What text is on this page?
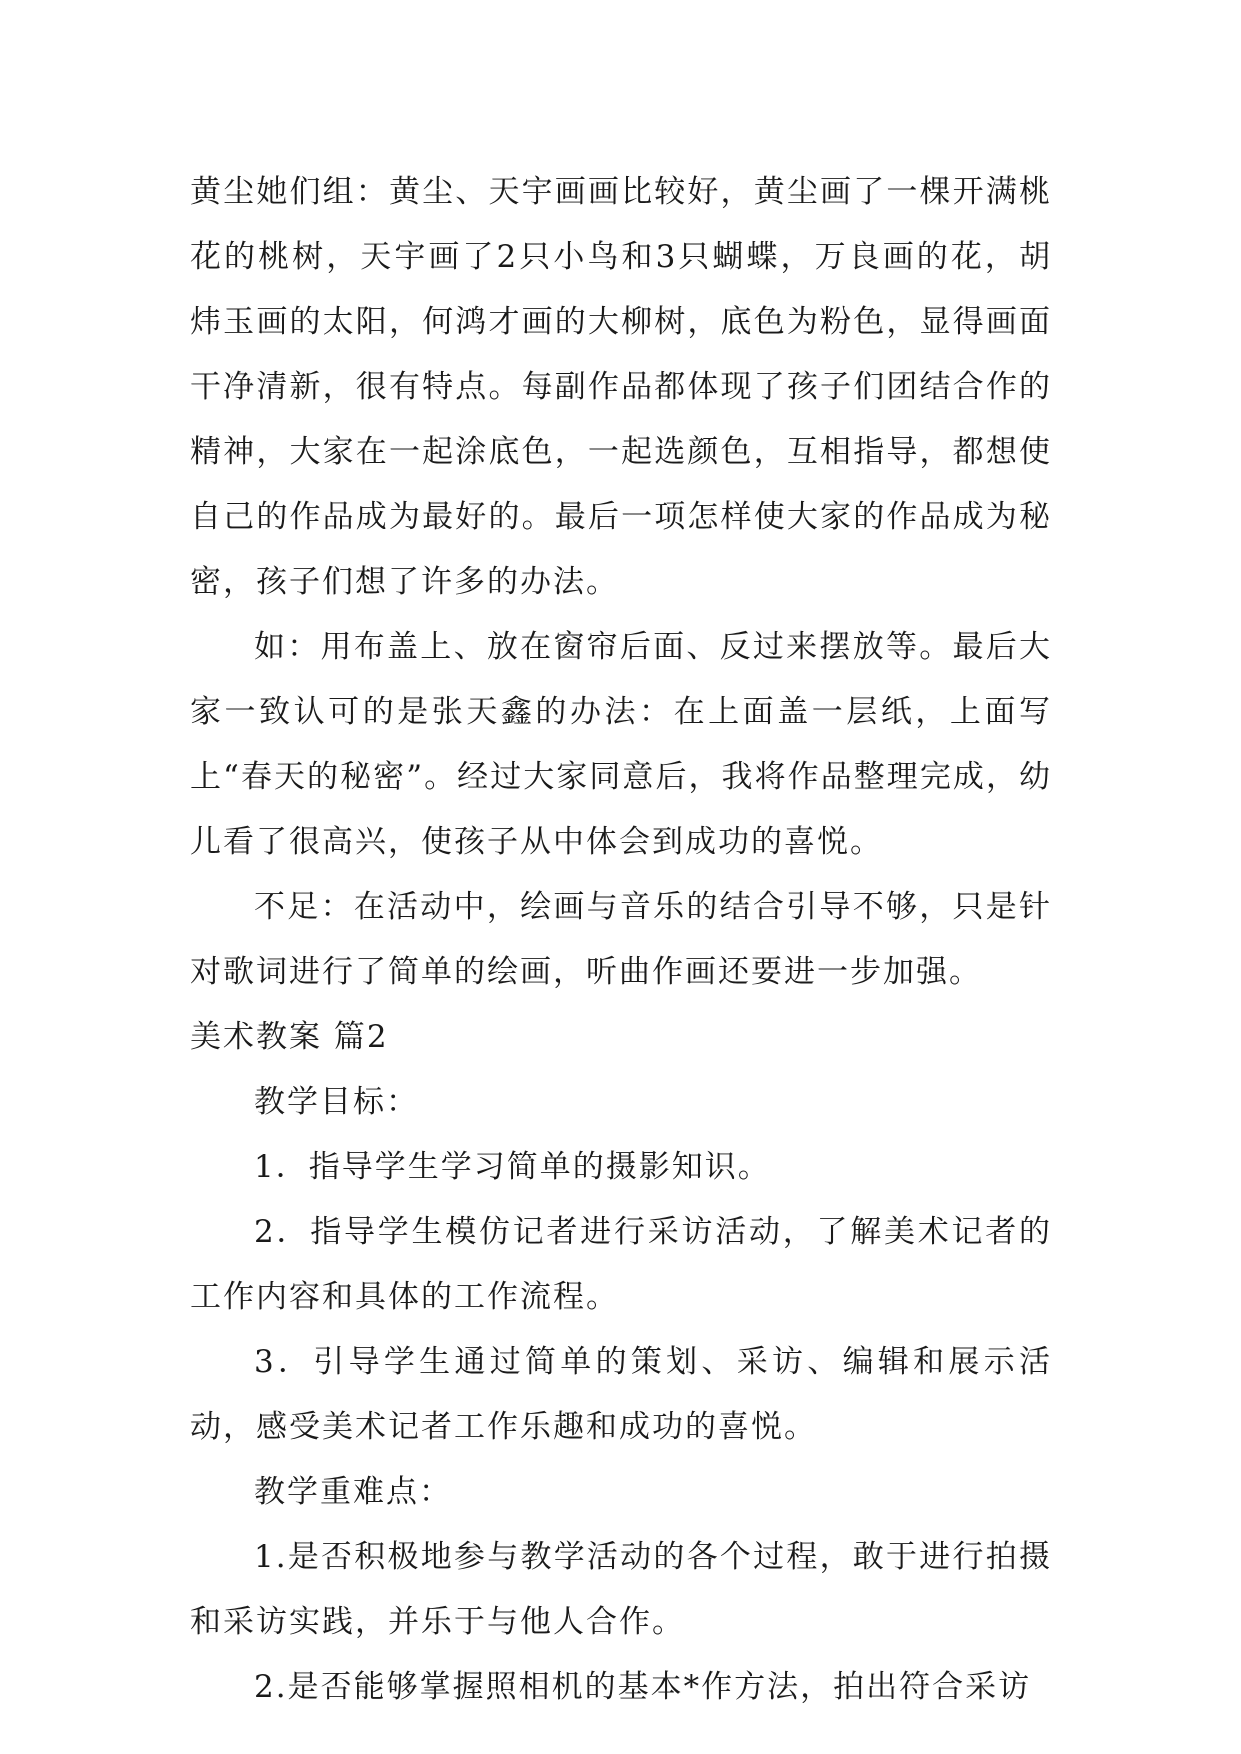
黄尘她们组：黄尘、天宇画画比较好，黄尘画了一棵开满桃花的桃树，天宇画了2只小鸟和3只蝴蝶，万良画的花，胡炜玉画的太阳，何鸿才画的大柳树，底色为粉色，显得画面干净清新，很有特点。每副作品都体现了孩子们团结合作的精神，大家在一起涂底色，一起选颜色，互相指导，都想使自己的作品成为最好的。最后一项怎样使大家的作品成为秘密，孩子们想了许多的办法。

如：用布盖上、放在窗帘后面、反过来摆放等。最后大家一致认可的是张天鑫的办法：在上面盖一层纸，上面写上“春天的秘密”。经过大家同意后，我将作品整理完成，幼儿看了很高兴，使孩子从中体会到成功的喜悦。

不足：在活动中，绘画与音乐的结合引导不够，只是针对歌词进行了简单的绘画，听曲作画还要进一步加强。

美术教案 篇2

教学目标：

1．指导学生学习简单的摄影知识。

2．指导学生模仿记者进行采访活动，了解美术记者的工作内容和具体的工作流程。

3．引导学生通过简单的策划、采访、编辑和展示活动，感受美术记者工作乐趣和成功的喜悦。

教学重难点：

1.是否积极地参与教学活动的各个过程，敢于进行拍摄和采访实践，并乐于与他人合作。

2.是否能够掌握照相机的基本*作方法，拍出符合采访
